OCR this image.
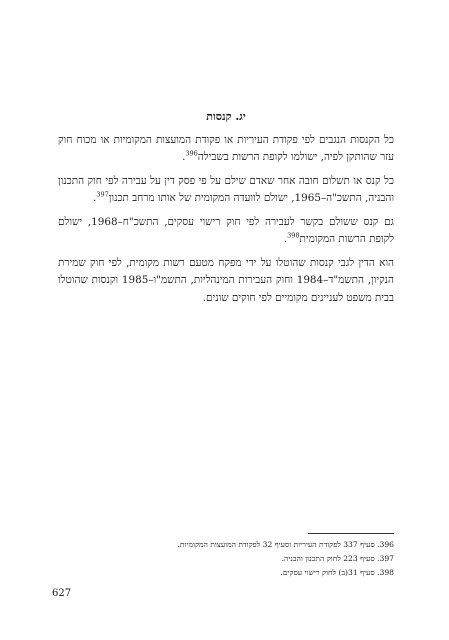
יג. קנסות

כל הקנסות הנגבים לפי פקודת העיריות או פקודת המועצות המקומיות או מכוח חוק עזר שהותקן לפיה, ישולמו לקופת הרשות בשבילה$^{396}$.

כל קנס או תשלום חובה אחר שאדם שילם על פי פסק דין על עבירה לפי חוק התכנון והבניה, התשכ"ה–1965, ישולם לוועדה המקומית של אותו מרחב תכנון$^{397}$.

גם קנס ששולם בקשר לעבירה לפי חוק רישוי עסקים, התשכ"ח–1968, ישולם לקופת הרשות המקומית$^{398}$.

הוא הדין לגבי קנסות שהוטלו על ידי מפקח מטעם רשות מקומית, לפי חוק שמירת הנקיון, התשמ"ד–1984 וחוק העבירות המינהליות, התשמ"ו–1985 וקנסות שהוטלו בבית משפט לעניינים מקומיים לפי חוקים שונים.

396. סעיף 337 לפקודת העיריות וסעיף 32 לפקודת המועצות המקומיות.
397. סעיף 223 לחוק התכנון והבניה.
398. סעיף 31(ב) לחוק רישוי עסקים.
627
